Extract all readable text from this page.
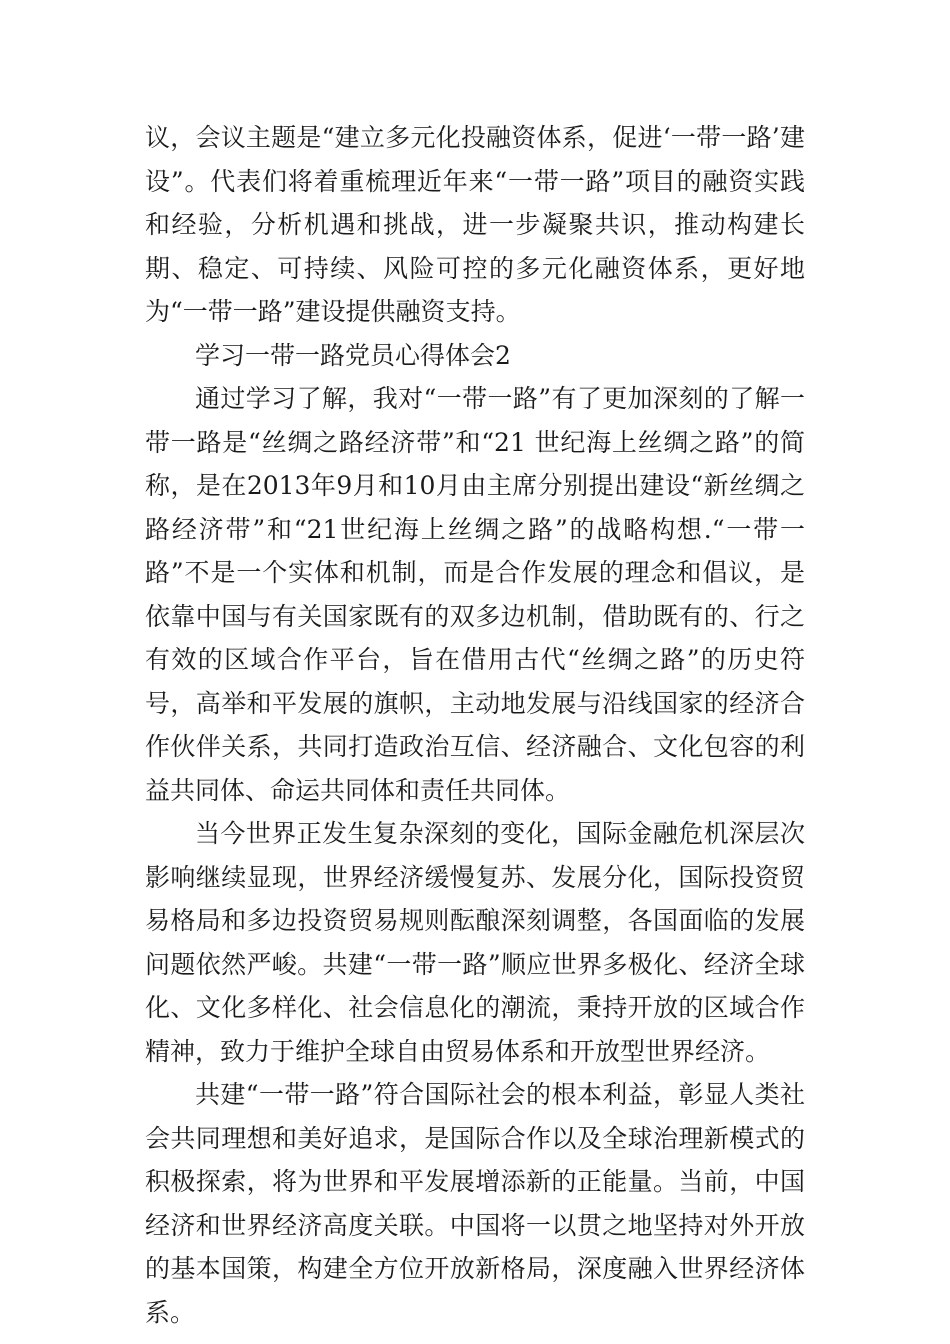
议，会议主题是“建立多元化投融资体系，促进‘一带一路’建设”。代表们将着重梳理近年来“一带一路”项目的融资实践和经验，分析机遇和挑战，进一步凝聚共识，推动构建长期、稳定、可持续、风险可控的多元化融资体系，更好地为“一带一路”建设提供融资支持。

学习一带一路党员心得体会2

通过学习了解，我对“一带一路”有了更加深刻的了解一带一路是“丝绸之路经济带”和“21 世纪海上丝绸之路”的简称，是在2013年9月和10月由主席分别提出建设“新丝绸之路经济带”和“21世纪海上丝绸之路”的战略构想.“一带一路”不是一个实体和机制，而是合作发展的理念和倡议，是依靠中国与有关国家既有的双多边机制，借助既有的、行之有效的区域合作平台，旨在借用古代“丝绸之路”的历史符号，高举和平发展的旗帜，主动地发展与沿线国家的经济合作伙伴关系，共同打造政治互信、经济融合、文化包容的利益共同体、命运共同体和责任共同体。

当今世界正发生复杂深刻的变化，国际金融危机深层次影响继续显现，世界经济缓慢复苏、发展分化，国际投资贸易格局和多边投资贸易规则酝酿深刻调整，各国面临的发展问题依然严峻。共建“一带一路”顺应世界多极化、经济全球化、文化多样化、社会信息化的潮流，秉持开放的区域合作精神，致力于维护全球自由贸易体系和开放型世界经济。

共建“一带一路”符合国际社会的根本利益，彰显人类社会共同理想和美好追求，是国际合作以及全球治理新模式的积极探索，将为世界和平发展增添新的正能量。当前，中国经济和世界经济高度关联。中国将一以贯之地坚持对外开放的基本国策，构建全方位开放新格局，深度融入世界经济体系。
